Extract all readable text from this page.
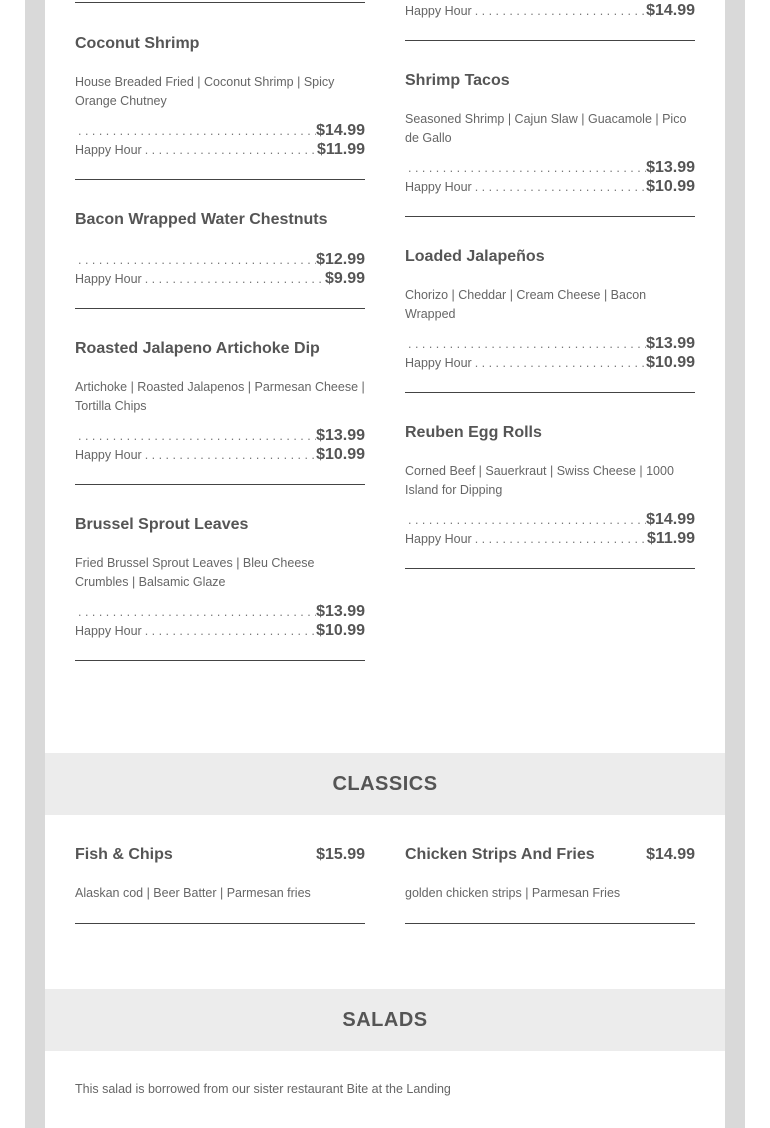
Coconut Shrimp
House Breaded Fried | Coconut Shrimp | Spicy Orange Chutney
. . .
$14.99
Happy Hour . . .	$11.99
Bacon Wrapped Water Chestnuts
. . .
$12.99
Happy Hour . . .	$9.99
Roasted Jalapeno Artichoke Dip
Artichoke | Roasted Jalapenos | Parmesan Cheese | Tortilla Chips
. . .
$13.99
Happy Hour . . .	$10.99
Brussel Sprout Leaves
Fried Brussel Sprout Leaves | Bleu Cheese Crumbles | Balsamic Glaze
. . .
$13.99
Happy Hour . . .	$10.99
Happy Hour . . .	$14.99
Shrimp Tacos
Seasoned Shrimp | Cajun Slaw | Guacamole | Pico de Gallo
. . .
$13.99
Happy Hour . . .	$10.99
Loaded Jalapeños
Chorizo | Cheddar | Cream Cheese | Bacon Wrapped
. . .
$13.99
Happy Hour . . .	$10.99
Reuben Egg Rolls
Corned Beef | Sauerkraut | Swiss Cheese | 1000 Island for Dipping
. . .
$14.99
Happy Hour . . .	$11.99
CLASSICS
Fish & Chips	$15.99
Alaskan cod | Beer Batter | Parmesan fries
Chicken Strips And Fries	$14.99
golden chicken strips | Parmesan Fries
SALADS
This salad is borrowed from our sister restaurant Bite at the Landing
